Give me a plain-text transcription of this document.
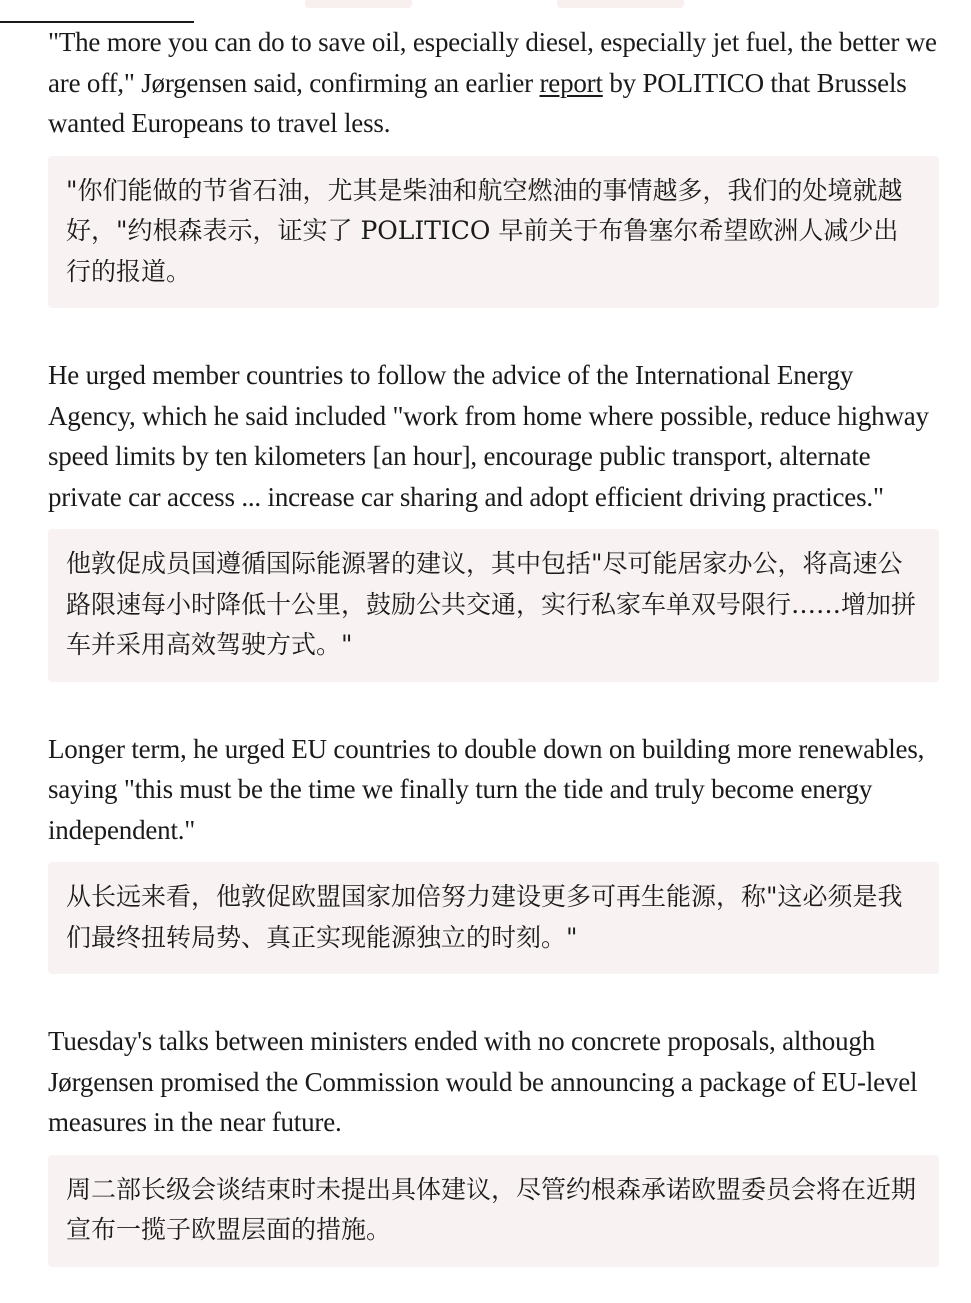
"The more you can do to save oil, especially diesel, especially jet fuel, the better we are off," Jørgensen said, confirming an earlier report by POLITICO that Brussels wanted Europeans to travel less.

"你们能做的节省石油，尤其是柴油和航空燃油的事情越多，我们的处境就越好，"约根森表示，证实了 POLITICO 早前关于布鲁塞尔希望欧洲人减少出行的报道。

He urged member countries to follow the advice of the International Energy Agency, which he said included "work from home where possible, reduce highway speed limits by ten kilometers [an hour], encourage public transport, alternate private car access ... increase car sharing and adopt efficient driving practices."

他敦促成员国遵循国际能源署的建议，其中包括"尽可能居家办公，将高速公路限速每小时降低十公里，鼓励公共交通，实行私家车单双号限行……增加拼车并采用高效驾驶方式。"

Longer term, he urged EU countries to double down on building more renewables, saying "this must be the time we finally turn the tide and truly become energy independent."

从长远来看，他敦促欧盟国家加倍努力建设更多可再生能源，称"这必须是我们最终扭转局势、真正实现能源独立的时刻。"

Tuesday's talks between ministers ended with no concrete proposals, although Jørgensen promised the Commission would be announcing a package of EU-level measures in the near future.

周二部长级会谈结束时未提出具体建议，尽管约根森承诺欧盟委员会将在近期宣布一揽子欧盟层面的措施。
